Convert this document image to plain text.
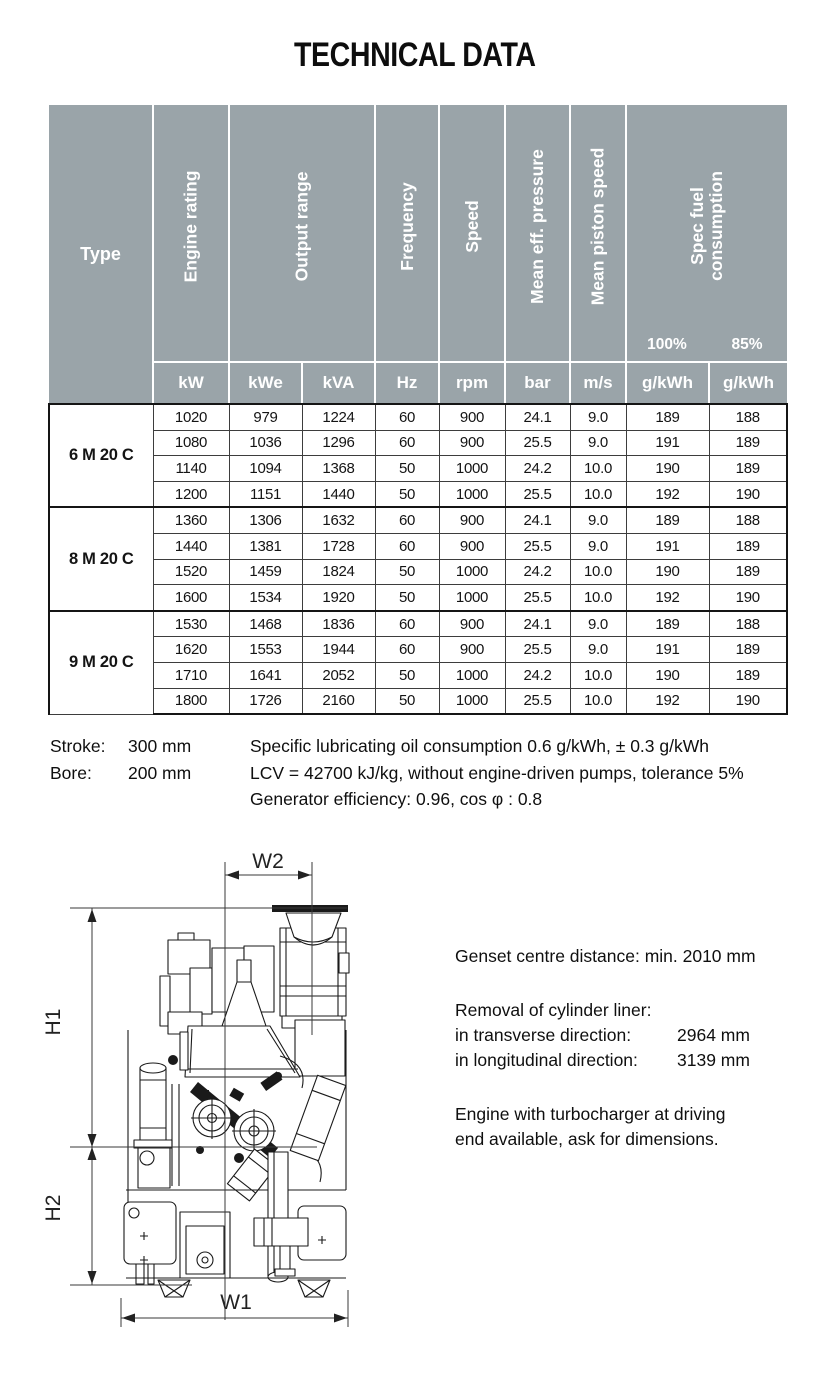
TECHNICAL DATA
Type	Engine rating	Output range		Frequency	Speed	Mean eff. pressure	Mean piston speed	Spec fuel
consumption
100% 85%	

	kW	kWe	kVA	Hz	rpm	bar	m/s	g/kWh	g/kWh
6 M 20 C	1020	979	1224	60	900	24.1	9.0	189	188
	1080	1036	1296	60	900	25.5	9.0	191	189
	1140	1094	1368	50	1000	24.2	10.0	190	189
	1200	1151	1440	50	1000	25.5	10.0	192	190
8 M 20 C	1360	1306	1632	60	900	24.1	9.0	189	188
	1440	1381	1728	60	900	25.5	9.0	191	189
	1520	1459	1824	50	1000	24.2	10.0	190	189
	1600	1534	1920	50	1000	25.5	10.0	192	190
9 M 20 C	1530	1468	1836	60	900	24.1	9.0	189	188
	1620	1553	1944	60	900	25.5	9.0	191	189
	1710	1641	2052	50	1000	24.2	10.0	190	189
	1800	1726	2160	50	1000	25.5	10.0	192	190
Stroke:	300 mm
Bore:	200 mm
Specific lubricating oil consumption 0.6 g/kWh, ± 0.3 g/kWh
LCV = 42700 kJ/kg, without engine-driven pumps, tolerance 5%
Generator efficiency: 0.96, cos φ : 0.8
W2
H1
H2
W1
Genset centre distance: min. 2010 mm
Removal of cylinder liner:
in transverse direction:	2964 mm
in longitudinal direction:	3139 mm
Engine with turbocharger at driving
end available, ask for dimensions.
